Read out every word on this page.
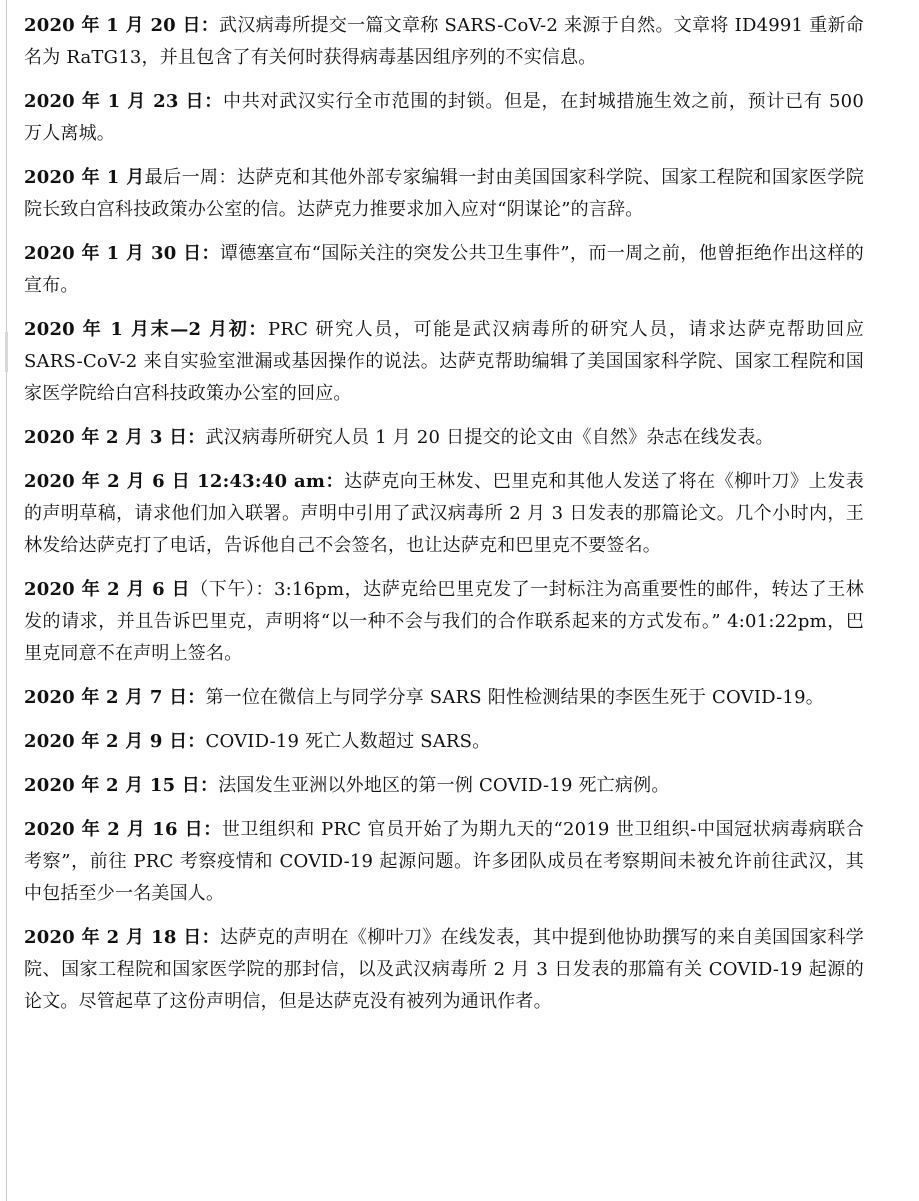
2020 年 1 月 20 日：武汉病毒所提交一篇文章称 SARS-CoV-2 来源于自然。文章将 ID4991 重新命名为 RaTG13，并且包含了有关何时获得病毒基因组序列的不实信息。

2020 年 1 月 23 日：中共对武汉实行全市范围的封锁。但是，在封城措施生效之前，预计已有 500 万人离城。

2020 年 1 月最后一周：达萨克和其他外部专家编辑一封由美国国家科学院、国家工程院和国家医学院院长致白宫科技政策办公室的信。达萨克力推要求加入应对“阴谋论”的言辞。

2020 年 1 月 30 日：谭德塞宣布“国际关注的突发公共卫生事件”，而一周之前，他曾拒绝作出这样的宣布。

2020 年 1 月末—2 月初：PRC 研究人员，可能是武汉病毒所的研究人员，请求达萨克帮助回应 SARS-CoV-2 来自实验室泄漏或基因操作的说法。达萨克帮助编辑了美国国家科学院、国家工程院和国家医学院给白宫科技政策办公室的回应。

2020 年 2 月 3 日：武汉病毒所研究人员 1 月 20 日提交的论文由《自然》杂志在线发表。

2020 年 2 月 6 日 12:43:40 am：达萨克向王林发、巴里克和其他人发送了将在《柳叶刀》上发表的声明草稿，请求他们加入联署。声明中引用了武汉病毒所 2 月 3 日发表的那篇论文。几个小时内，王林发给达萨克打了电话，告诉他自己不会签名，也让达萨克和巴里克不要签名。

2020 年 2 月 6 日（下午）：3:16pm，达萨克给巴里克发了一封标注为高重要性的邮件，转达了王林发的请求，并且告诉巴里克，声明将“以一种不会与我们的合作联系起来的方式发布。” 4:01:22pm，巴里克同意不在声明上签名。

2020 年 2 月 7 日：第一位在微信上与同学分享 SARS 阳性检测结果的李医生死于 COVID-19。

2020 年 2 月 9 日：COVID-19 死亡人数超过 SARS。

2020 年 2 月 15 日：法国发生亚洲以外地区的第一例 COVID-19 死亡病例。

2020 年 2 月 16 日：世卫组织和 PRC 官员开始了为期九天的“2019 世卫组织-中国冠状病毒病联合考察”，前往 PRC 考察疫情和 COVID-19 起源问题。许多团队成员在考察期间未被允许前往武汉，其中包括至少一名美国人。

2020 年 2 月 18 日：达萨克的声明在《柳叶刀》在线发表，其中提到他协助撰写的来自美国国家科学院、国家工程院和国家医学院的那封信，以及武汉病毒所 2 月 3 日发表的那篇有关 COVID-19 起源的论文。尽管起草了这份声明信，但是达萨克没有被列为通讯作者。
